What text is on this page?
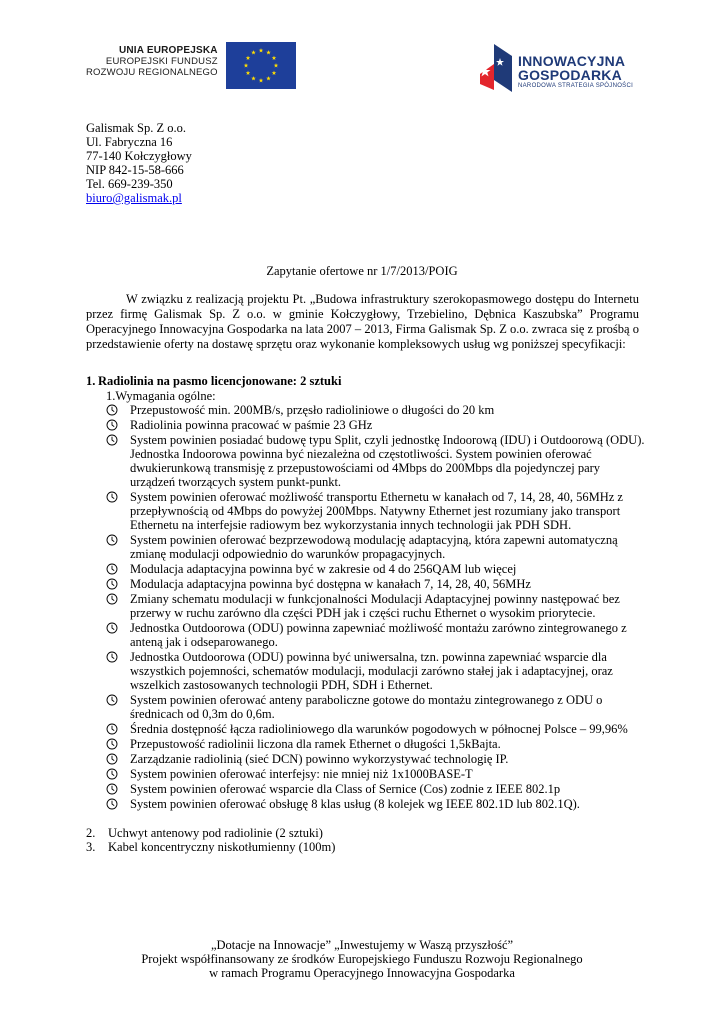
UNIA EUROPEJSKA
EUROPEJSKI FUNDUSZ
ROZWOJU REGIONALNEGO
INNOWACYJNA
GOSPODARKA
NARODOWA STRATEGIA SPÓJNOŚCI
Galismak Sp. Z o.o.
Ul. Fabryczna 16
77-140 Kołczygłowy
NIP 842-15-58-666
Tel. 669-239-350
biuro@galismak.pl
Zapytanie ofertowe nr 1/7/2013/POIG
W związku z realizacją projektu Pt. „Budowa infrastruktury szerokopasmowego dostępu do Internetu przez firmę Galismak Sp. Z o.o. w gminie Kołczygłowy, Trzebielino, Dębnica Kaszubska” Programu Operacyjnego Innowacyjna Gospodarka na lata 2007 – 2013, Firma Galismak Sp. Z o.o. zwraca się z prośbą o przedstawienie oferty na dostawę sprzętu oraz wykonanie kompleksowych usług wg poniższej specyfikacji:
1. Radiolinia na pasmo licencjonowane: 2 sztuki
1.Wymagania ogólne:
Przepustowość min. 200MB/s, przęsło radioliniowe o długości do 20 km
Radiolinia powinna pracować w paśmie 23 GHz
System powinien posiadać budowę typu Split, czyli jednostkę Indoorową (IDU) i Outdoorową (ODU). Jednostka Indoorowa powinna być niezależna od częstotliwości. System powinien oferować dwukierunkową transmisję z przepustowościami od 4Mbps do 200Mbps dla pojedynczej pary urządzeń tworzących system punkt-punkt.
System powinien oferować możliwość transportu Ethernetu w kanałach od 7, 14, 28, 40, 56MHz z przepływnością od 4Mbps do powyżej 200Mbps. Natywny Ethernet jest rozumiany jako transport Ethernetu na interfejsie radiowym bez wykorzystania innych technologii jak PDH SDH.
System powinien oferować bezprzewodową modulację adaptacyjną, która zapewni automatyczną zmianę modulacji odpowiednio do warunków propagacyjnych.
Modulacja adaptacyjna powinna być w zakresie od 4 do 256QAM lub więcej
Modulacja adaptacyjna powinna być dostępna w kanałach 7, 14, 28, 40, 56MHz
Zmiany schematu modulacji w funkcjonalności Modulacji Adaptacyjnej powinny następować bez przerwy w ruchu zarówno dla części PDH jak i części ruchu Ethernet o wysokim priorytecie.
Jednostka Outdoorowa (ODU) powinna zapewniać możliwość montażu zarówno zintegrowanego z anteną jak i odseparowanego.
Jednostka Outdoorowa (ODU) powinna być uniwersalna, tzn. powinna zapewniać wsparcie dla wszystkich pojemności, schematów modulacji, modulacji zarówno stałej jak i adaptacyjnej, oraz wszelkich zastosowanych technologii PDH, SDH i Ethernet.
System powinien oferować anteny paraboliczne gotowe do montażu zintegrowanego z ODU o średnicach od 0,3m do 0,6m.
Średnia dostępność łącza radioliniowego dla warunków pogodowych w północnej Polsce – 99,96%
Przepustowość radiolinii liczona dla ramek Ethernet o długości 1,5kBajta.
Zarządzanie radiolinią (sieć DCN) powinno wykorzystywać technologię IP.
System powinien oferować interfejsy: nie mniej niż 1x1000BASE-T
System powinien oferować wsparcie dla Class of Sernice (Cos) zodnie z IEEE 802.1p
System powinien oferować obsługę 8 klas usług (8 kolejek wg IEEE 802.1D lub 802.1Q).
2.	Uchwyt antenowy pod radiolinie (2 sztuki)
3.	Kabel koncentryczny niskotłumienny (100m)
„Dotacje na Innowacje” „Inwestujemy w Waszą przyszłość”
Projekt współfinansowany ze środków Europejskiego Funduszu Rozwoju Regionalnego
w ramach Programu Operacyjnego Innowacyjna Gospodarka
